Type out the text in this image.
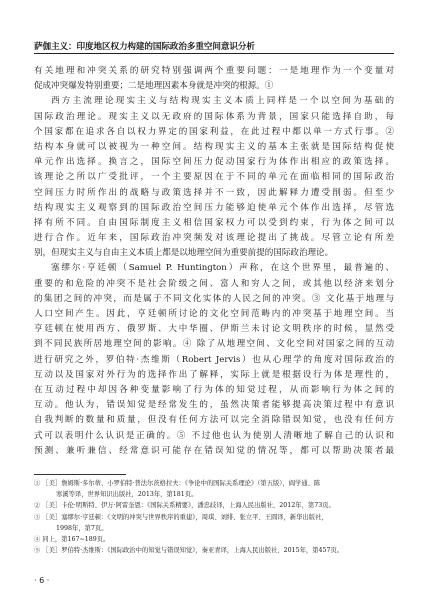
萨伽主义：印度地区权力构建的国际政治多重空间意识分析
有关地理和冲突关系的研究特别强调两个重要问题：一是地理作为一个变量对
促成冲突爆发特别重要；二是地理因素本身就是冲突的根源。①
西方主流理论现实主义与结构现实主义本质上同样是一个以空间为基础的
国际政治理论。现实主义以无政府的国际体系为背景，国家只能选择自助，每
个国家都在追求各自以权力界定的国家利益，在此过程中都以单一方式行事。②
结构本身就可以被视为一种空间。结构现实主义的基本主张就是国际结构促使
单元作出选择。换言之，国际空间压力促动国家行为体作出相应的政策选择。
该理论之所以广受批评，一个主要原因在于不同的单元在面临相同的国际政治
空间压力时所作出的战略与政策选择并不一致，因此解释力遭受削弱。但至少
结构现实主义观察到的国际政治空间压力能够迫使单元个体作出选择，尽管选
择有所不同。自由国际制度主义相信国家权力可以受到约束，行为体之间可以
进行合作。近年来，国际政治冲突频发对该理论提出了挑战。尽管立论有所差
别，但现实主义与自由主义本质上都是以地理空间为重要前提的国际政治理论。
塞缪尔·亨廷顿（Samuel P. Huntington）声称，在这个世界里，最普遍的、
重要的和危险的冲突不是社会阶级之间、富人和穷人之间，或其他以经济来划分
的集团之间的冲突，而是属于不同文化实体的人民之间的冲突。③ 文化基于地理与
人口空间产生。因此，亨廷顿所讨论的文化空间范畴内的冲突基于地理空间。当
亨廷顿在使用西方、俄罗斯、大中华圈、伊斯兰未讨论文明秩序的时候，显然受
到不同民族所居地理空间的影响。④ 除了从地理空间、文化空间对国家之间的互动
进行研究之外，罗伯特·杰维斯（Robert Jervis）也从心理学的角度对国际政治的
互动以及国家对外行为的选择作出了解释，实际上就是根据设行为体是理性的，
在互动过程中却因各种变量影响了行为体的知觉过程，从而影响行为体之间的
互动。他认为，错误知觉是经常发生的，虽然决策者能够提高决策过程中有意识
自我判断的数量和质量，但没有任何方法可以完全消除错误知觉，也没有任何方
式可以表明什么认识是正确的。⑤ 不过他也认为使别人清晰地了解自己的认识和
预测、兼听兼信、经常意识可能存在错误知觉的情况等，都可以帮助决策者最
① ［美］詹姆斯·多尔蒂、小罗伯特·普法尔茨格拉夫：《争论中的国际关系理论》（第五版），阎学通、陈
寒溪等译，世界知识出版社，2013年，第181页。
② ［美］卡伦·明斯特、伊万·阿雷奎恩：《国际关系精要》，潘忠歧译，上海人民出版社，2012年，第73页。
③ ［美］塞缪尔·亨廷顿：《文明的冲突与世界秩序的重建》，周琪、刘绯、张立平、王圆译，新华出版社，
1998年，第7页。
④ 同上，第167~189页。
⑤ ［美］罗伯特·杰维斯：《国际政治中的知觉与错误知觉》，秦亚青译，上海人民出版社，2015年，第457页。
· 6 ·
